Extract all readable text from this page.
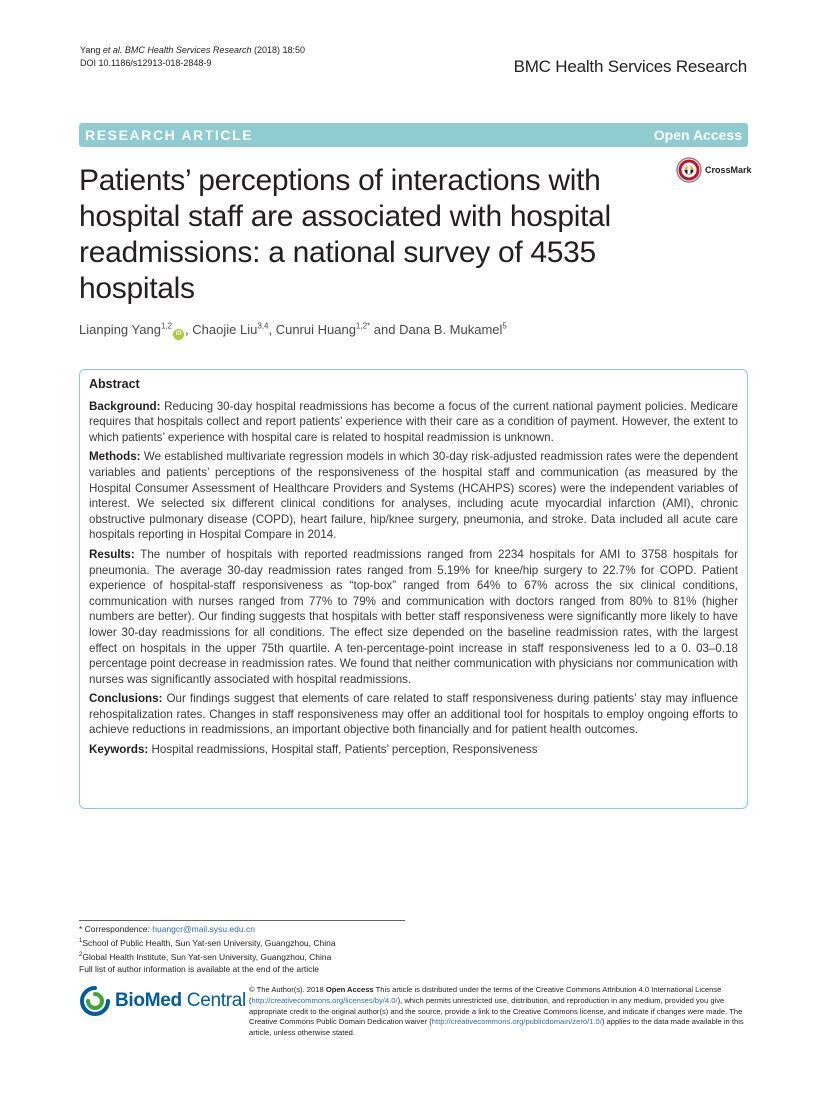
Yang et al. BMC Health Services Research (2018) 18:50
DOI 10.1186/s12913-018-2848-9	BMC Health Services Research
RESEARCH ARTICLE	Open Access
Patients’ perceptions of interactions with
hospital staff are associated with hospital
readmissions: a national survey of 4535
hospitals
CrossMark
Lianping Yang$^{1,2}$iD , Chaojie Liu$^{3,4}$, Cunrui Huang$^{1,2*}$ and Dana B. Mukamel$^5$
Abstract

Background: Reducing 30-day hospital readmissions has become a focus of the current national payment policies. Medicare requires that hospitals collect and report patients’ experience with their care as a condition of payment. However, the extent to which patients’ experience with hospital care is related to hospital readmission is unknown.

Methods: We established multivariate regression models in which 30-day risk-adjusted readmission rates were the dependent variables and patients’ perceptions of the responsiveness of the hospital staff and communication (as measured by the Hospital Consumer Assessment of Healthcare Providers and Systems (HCAHPS) scores) were the independent variables of interest. We selected six different clinical conditions for analyses, including acute myocardial infarction (AMI), chronic obstructive pulmonary disease (COPD), heart failure, hip/knee surgery, pneumonia, and stroke. Data included all acute care hospitals reporting in Hospital Compare in 2014.

Results: The number of hospitals with reported readmissions ranged from 2234 hospitals for AMI to 3758 hospitals for pneumonia. The average 30-day readmission rates ranged from 5.19% for knee/hip surgery to 22.7% for COPD. Patient experience of hospital-staff responsiveness as “top-box” ranged from 64% to 67% across the six clinical conditions, communication with nurses ranged from 77% to 79% and communication with doctors ranged from 80% to 81% (higher numbers are better). Our finding suggests that hospitals with better staff responsiveness were significantly more likely to have lower 30-day readmissions for all conditions. The effect size depended on the baseline readmission rates, with the largest effect on hospitals in the upper 75th quartile. A ten-percentage-point increase in staff responsiveness led to a 0. 03–0.18 percentage point decrease in readmission rates. We found that neither communication with physicians nor communication with nurses was significantly associated with hospital readmissions.

Conclusions: Our findings suggest that elements of care related to staff responsiveness during patients’ stay may influence rehospitalization rates. Changes in staff responsiveness may offer an additional tool for hospitals to employ ongoing efforts to achieve reductions in readmissions, an important objective both financially and for patient health outcomes.

Keywords: Hospital readmissions, Hospital staff, Patients’ perception, Responsiveness

* Correspondence: huangcr@mail.sysu.edu.cn
$^1$School of Public Health, Sun Yat-sen University, Guangzhou, China
$^2$Global Health Institute, Sun Yat-sen University, Guangzhou, China
Full list of author information is available at the end of the article
BioMed Central
© The Author(s). 2018 Open Access This article is distributed under the terms of the Creative Commons Attribution 4.0 International License (http://creativecommons.org/licenses/by/4.0/), which permits unrestricted use, distribution, and reproduction in any medium, provided you give appropriate credit to the original author(s) and the source, provide a link to the Creative Commons license, and indicate if changes were made. The Creative Commons Public Domain Dedication waiver (http://creativecommons.org/publicdomain/zero/1.0/) applies to the data made available in this article, unless otherwise stated.
